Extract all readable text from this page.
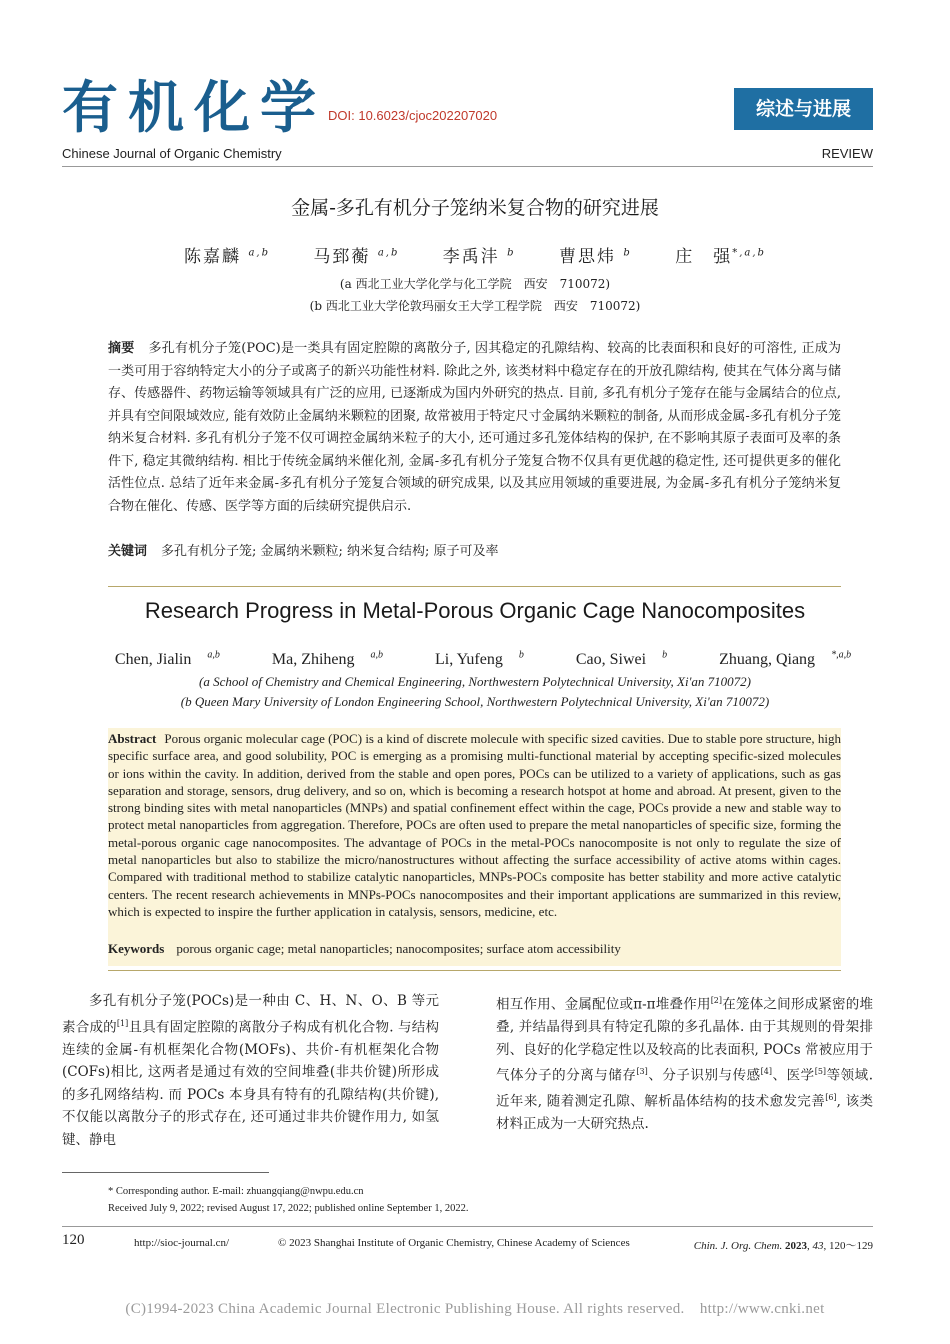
有机化学 DOI: 10.6023/cjoc202207020	综述与进展
Chinese Journal of Organic Chemistry	REVIEW
金属-多孔有机分子笼纳米复合物的研究进展
陈嘉麟 $^{a,b}$	马郅蘅 $^{a,b}$	李禹沣 $^b$	曹思炜 $^b$	庄　强$^{*,a,b}$
(a 西北工业大学化学与化工学院　西安　710072)
(b 西北工业大学伦敦玛丽女王大学工程学院　西安　710072)
摘要 多孔有机分子笼(POC)是一类具有固定腔隙的离散分子, 因其稳定的孔隙结构、较高的比表面积和良好的可溶性, 正成为一类可用于容纳特定大小的分子或离子的新兴功能性材料. 除此之外, 该类材料中稳定存在的开放孔隙结构, 使其在气体分离与储存、传感器件、药物运输等领域具有广泛的应用, 已逐渐成为国内外研究的热点. 目前, 多孔有机分子笼存在能与金属结合的位点, 并具有空间限域效应, 能有效防止金属纳米颗粒的团聚, 故常被用于特定尺寸金属纳米颗粒的制备, 从而形成金属-多孔有机分子笼纳米复合材料. 多孔有机分子笼不仅可调控金属纳米粒子的大小, 还可通过多孔笼体结构的保护, 在不影响其原子表面可及率的条件下, 稳定其微纳结构. 相比于传统金属纳米催化剂, 金属-多孔有机分子笼复合物不仅具有更优越的稳定性, 还可提供更多的催化活性位点. 总结了近年来金属-多孔有机分子笼复合领域的研究成果, 以及其应用领域的重要进展, 为金属-多孔有机分子笼纳米复合物在催化、传感、医学等方面的后续研究提供启示.
关键词 多孔有机分子笼; 金属纳米颗粒; 纳米复合结构; 原子可及率
Research Progress in Metal-Porous Organic Cage Nanocomposites
Chen, Jialin $^{a,b}$	Ma, Zhiheng $^{a,b}$	Li, Yufeng $^b$	Cao, Siwei $^b$	Zhuang, Qiang $^{*,a,b}$
(a School of Chemistry and Chemical Engineering, Northwestern Polytechnical University, Xi'an 710072)
(b Queen Mary University of London Engineering School, Northwestern Polytechnical University, Xi'an 710072)
Abstract Porous organic molecular cage (POC) is a kind of discrete molecule with specific sized cavities. Due to stable pore structure, high specific surface area, and good solubility, POC is emerging as a promising multi-functional material by accepting specific-sized molecules or ions within the cavity. In addition, derived from the stable and open pores, POCs can be utilized to a variety of applications, such as gas separation and storage, sensors, drug delivery, and so on, which is becoming a research hotspot at home and abroad. At present, given to the strong binding sites with metal nanoparticles (MNPs) and spatial confinement effect within the cage, POCs provide a new and stable way to protect metal nanoparticles from aggregation. Therefore, POCs are often used to prepare the metal nanoparticles of specific size, forming the metal-porous organic cage nanocomposites. The advantage of POCs in the metal-POCs nanocomposite is not only to regulate the size of metal nanoparticles but also to stabilize the micro/nanostructures without affecting the surface accessibility of active atoms within cages. Compared with traditional method to stabilize catalytic nanoparticles, MNPs-POCs composite has better stability and more active catalytic centers. The recent research achievements in MNPs-POCs nanocomposites and their important applications are summarized in this review, which is expected to inspire the further application in catalysis, sensors, medicine, etc.
Keywords porous organic cage; metal nanoparticles; nanocomposites; surface atom accessibility
多孔有机分子笼(POCs)是一种由 C、H、N、O、B 等元素合成的[1]且具有固定腔隙的离散分子构成有机化合物. 与结构连续的金属-有机框架化合物(MOFs)、共价-有机框架化合物(COFs)相比, 这两者是通过有效的空间堆叠(非共价键)所形成的多孔网络结构. 而 POCs 本身具有特有的孔隙结构(共价键), 不仅能以离散分子的形式存在, 还可通过非共价键作用力, 如氢键、静电
相互作用、金属配位或π-π堆叠作用[2]在笼体之间形成紧密的堆叠, 并结晶得到具有特定孔隙的多孔晶体. 由于其规则的骨架排列、良好的化学稳定性以及较高的比表面积, POCs 常被应用于气体分子的分离与储存[3]、分子识别与传感[4]、医学[5]等领域. 近年来, 随着测定孔隙、解析晶体结构的技术愈发完善[6], 该类材料正成为一大研究热点.
* Corresponding author. E-mail: zhuangqiang@nwpu.edu.cn
Received July 9, 2022; revised August 17, 2022; published online September 1, 2022.
120	http://sioc-journal.cn/	© 2023 Shanghai Institute of Organic Chemistry, Chinese Academy of Sciences	Chin. J. Org. Chem. 2023, 43, 120～129
(C)1994-2023 China Academic Journal Electronic Publishing House. All rights reserved.　http://www.cnki.net
